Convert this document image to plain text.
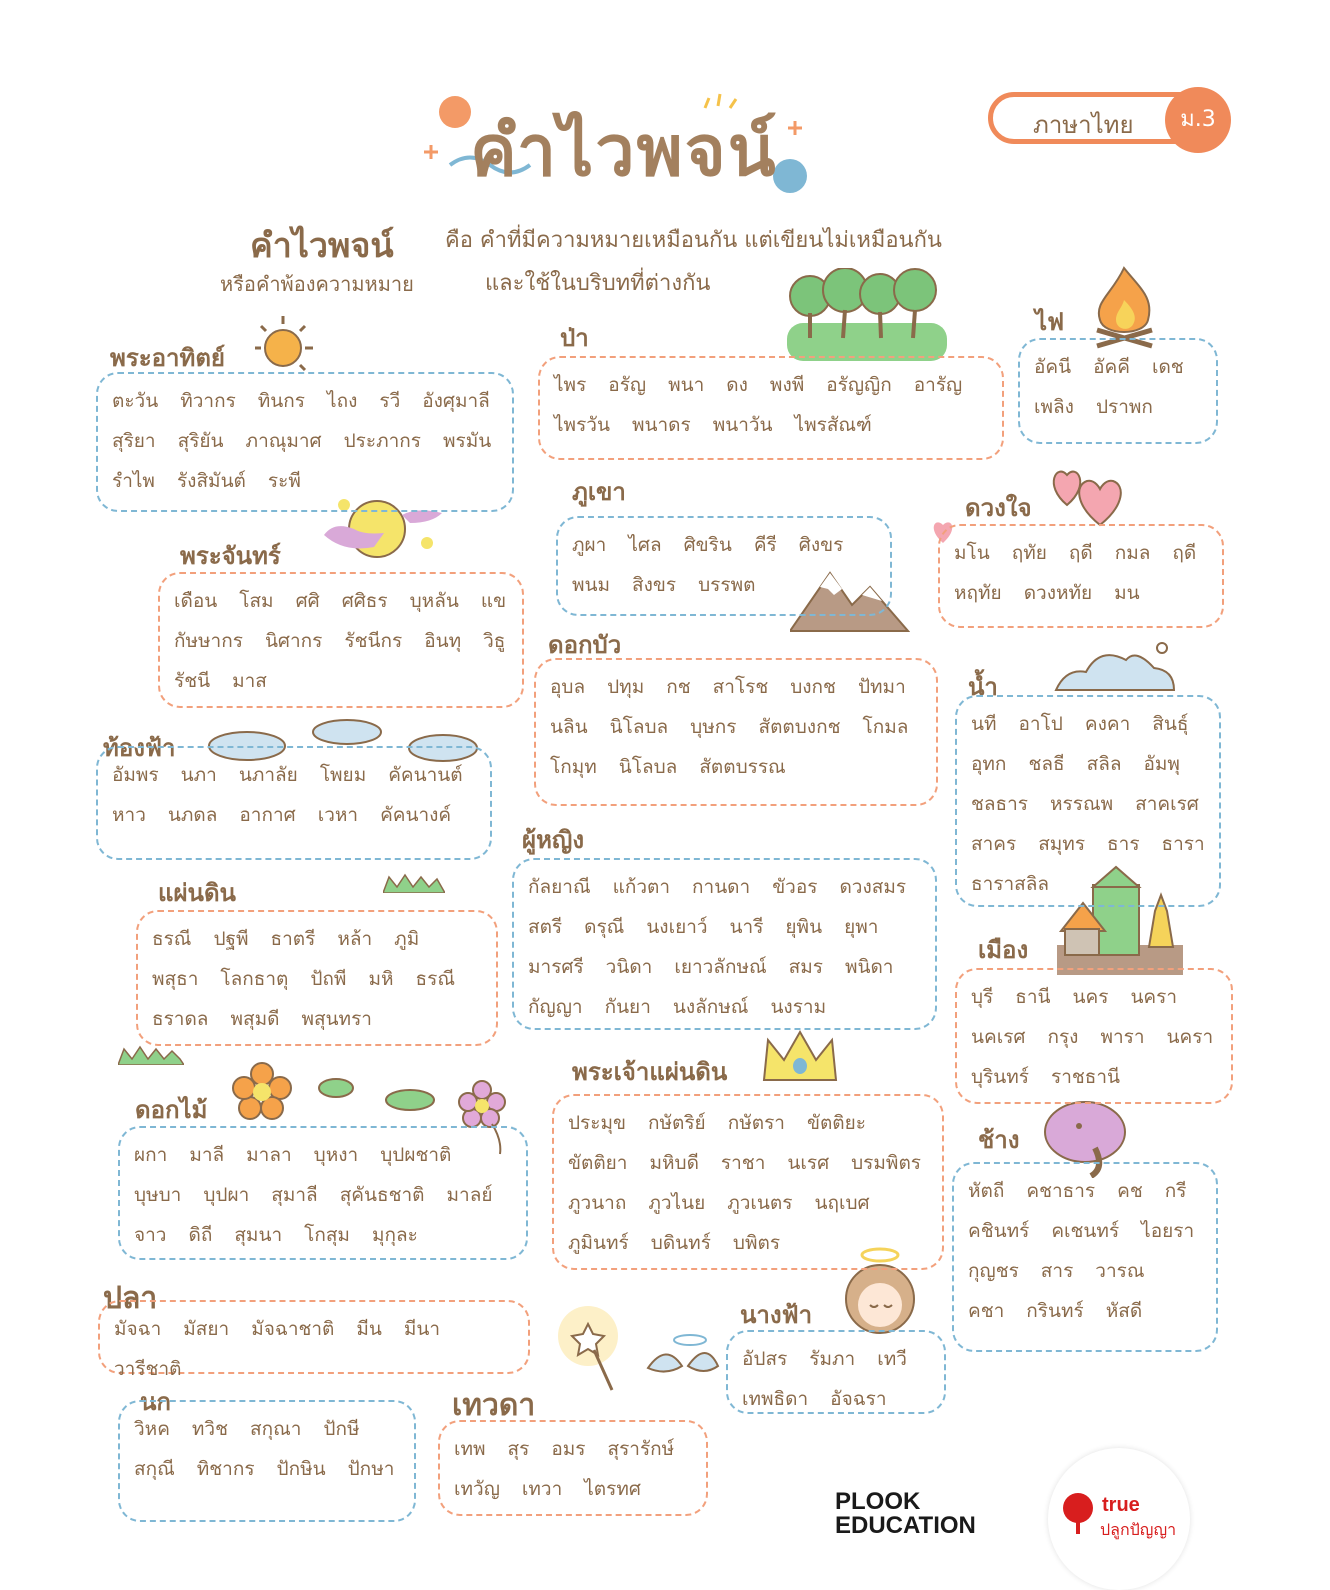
คำไวพจน์	ภาษาไทย	ม.3
คำไวพจน์
หรือคำพ้องความหมาย
คือ คำที่มีความหมายเหมือนกัน แต่เขียนไม่เหมือนกัน
และใช้ในบริบทที่ต่างกัน
พระอาทิตย์
ป่า
ไฟ
ภูเขา
ดวงใจ
พระจันทร์
ดอกบัว
น้ำ
ท้องฟ้า
ผู้หญิง
แผ่นดิน
เมือง
พระเจ้าแผ่นดิน
ดอกไม้
ช้าง
ปลา	นางฟ้า
นก	เทวดา
ตะวัน ทิวากร ทินกร ไถง รวี อังศุมาลี
สุริยา สุริยัน ภาณุมาศ ประภากร พรมัน
รำไพ รังสิมันต์ ระพี
ไพร อรัญ พนา ดง พงพี อรัญญิก อารัญ
ไพรวัน พนาดร พนาวัน ไพรสัณฑ์
อัคนี อัคคี เดช
เพลิง ปราพก
ภูผา ไศล ศิขริน คีรี ศิงขร
พนม สิงขร บรรพต
มโน ฤทัย ฤดี กมล ฤดี
หฤทัย ดวงหทัย มน
เดือน โสม ศศิ ศศิธร บุหลัน แข
กัษษากร นิศากร รัชนีกร อินทุ วิธู
รัชนี มาส	อุบล ปทุม กช สาโรช บงกช ปัทมา
นลิน นิโลบล บุษกร สัตตบงกช โกมล
โกมุท นิโลบล สัตตบรรณ
นที อาโป คงคา สินธุ์
อุทก ชลธี สลิล อัมพุ
ชลธาร หรรณพ สาคเรศ
สาคร สมุทร ธาร ธารา
ธาราสลิล
อัมพร นภา นภาลัย โพยม คัคนานต์
หาว นภดล อากาศ เวหา คัคนางค์
กัลยาณี แก้วตา กานดา ขัวอร ดวงสมร
สตรี ดรุณี นงเยาว์ นารี ยุพิน ยุพา
มารศรี วนิดา เยาวลักษณ์ สมร พนิดา
กัญญา กันยา นงลักษณ์ นงราม
ธรณี ปฐพี ธาตรี หล้า ภูมิ
พสุธา โลกธาตุ ปัถพี มหิ ธรณี
ธราดล พสุมดี พสุนทรา
บุรี ธานี นคร นครา
นคเรศ กรุง พารา นครา
บุรินทร์ ราชธานี
ประมุข กษัตริย์ กษัตรา ขัตติยะ
ขัตติยา มหิบดี ราชา นเรศ บรมพิตร
ภูวนาถ ภูวไนย ภูวเนตร นฤเบศ
ภูมินทร์ บดินทร์ บพิตร
ผกา มาลี มาลา บุหงา บุปผชาติ
บุษบา บุปผา สุมาลี สุคันธชาติ มาลย์
จาว ดิถี สุมนา โกสุม มุกุละ
หัตถี คชาธาร คช กรี
คชินทร์ คเชนทร์ ไอยรา
กุญชร สาร วารณ
คชา กรินทร์ หัสดี
มัจฉา มัสยา มัจฉาชาติ มีน มีนา
วารีชาติ	อัปสร รัมภา เทวี
เทพธิดา อัจฉรา
วิหค ทวิช สกุณา ปักษี
สกุณี ทิชากร ปักษิน ปักษา
เทพ สุร อมร สุรารักษ์
เทวัญ เทวา ไตรทศ	PLOOK EDUCATION
true
ปลูกปัญญา
